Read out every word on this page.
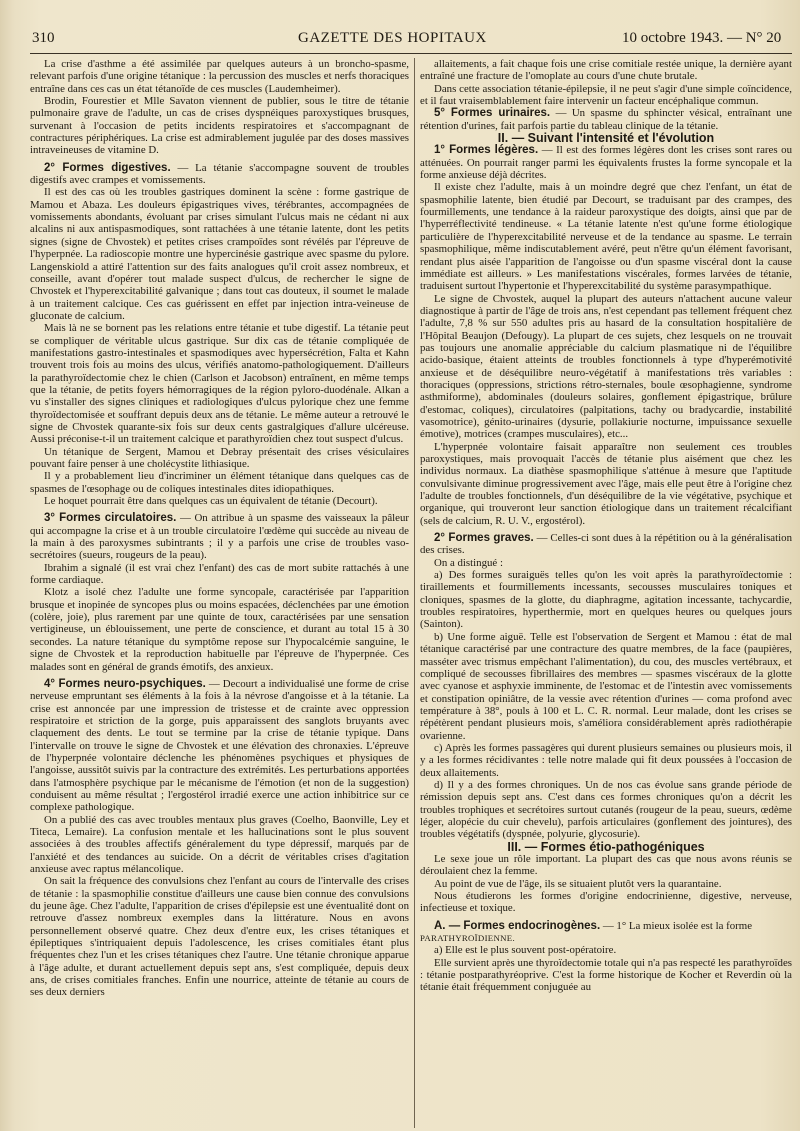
310	GAZETTE DES HOPITAUX	10 octobre 1943. — N° 20

La crise d'asthme a été assimilée par quelques auteurs à un broncho-spasme, relevant parfois d'une origine tétanique : la percussion des muscles et nerfs thoraciques entraîne dans ces cas un état tétanoïde de ces muscles (Laudemheimer).

Brodin, Fourestier et Mlle Savaton viennent de publier, sous le titre de tétanie pulmonaire grave de l'adulte, un cas de crises dyspnéiques paroxystiques brusques, survenant à l'occasion de petits incidents respiratoires et s'accompagnant de contractures périphériques. La crise est admirablement jugulée par des doses massives intraveineuses de vitamine D.

2° Formes digestives. — La tétanie s'accompagne souvent de troubles digestifs avec crampes et vomissements.

Il est des cas où les troubles gastriques dominent la scène : forme gastrique de Mamou et Abaza. Les douleurs épigastriques vives, térébrantes, accompagnées de vomissements abondants, évoluant par crises simulant l'ulcus mais ne cédant ni aux alcalins ni aux antispasmodiques, sont rattachées à une tétanie latente, dont les petits signes (signe de Chvostek) et petites crises crampoïdes sont révélés par l'épreuve de l'hyperpnée. La radioscopie montre une hypercinésie gastrique avec spasme du pylore. Langenskiold a attiré l'attention sur des faits analogues qu'il croit assez nombreux, et conseille, avant d'opérer tout malade suspect d'ulcus, de rechercher le signe de Chvostek et l'hyperexcitabilité galvanique ; dans tout cas douteux, il soumet le malade à un traitement calcique. Ces cas guérissent en effet par injection intra-veineuse de gluconate de calcium.

Mais là ne se bornent pas les relations entre tétanie et tube digestif. La tétanie peut se compliquer de véritable ulcus gastrique. Sur dix cas de tétanie compliquée de manifestations gastro-intestinales et spasmodiques avec hypersécrétion, Falta et Kahn trouvent trois fois au moins des ulcus, vérifiés anatomo-pathologiquement. D'ailleurs la parathyroïdectomie chez le chien (Carlson et Jacobson) entraînent, en même temps que la tétanie, de petits foyers hémorragiques de la région pyloro-duodénale. Alkan a vu s'installer des signes cliniques et radiologiques d'ulcus pylorique chez une femme thyroïdectomisée et souffrant depuis deux ans de tétanie. Le même auteur a retrouvé le signe de Chvostek quarante-six fois sur deux cents gastralgiques d'allure ulcéreuse. Aussi préconise-t-il un traitement calcique et parathyroïdien chez tout suspect d'ulcus.

Un tétanique de Sergent, Mamou et Debray présentait des crises vésiculaires pouvant faire penser à une cholécystite lithiasique.

Il y a probablement lieu d'incriminer un élément tétanique dans quelques cas de spasmes de l'œsophage ou de coliques intestinales dites idiopathiques.

Le hoquet pourrait être dans quelques cas un équivalent de tétanie (Decourt).

3° Formes circulatoires. — On attribue à un spasme des vaisseaux la pâleur qui accompagne la crise et à un trouble circulatoire l'œdème qui succède au niveau de la main à des paroxysmes subintrants ; il y a parfois une crise de troubles vaso-secrétoires (sueurs, rougeurs de la peau).

Ibrahim a signalé (il est vrai chez l'enfant) des cas de mort subite rattachés à une forme cardiaque.

Klotz a isolé chez l'adulte une forme syncopale, caractérisée par l'apparition brusque et inopinée de syncopes plus ou moins espacées, déclenchées par une émotion (colère, joie), plus rarement par une quinte de toux, caractérisées par une sensation vertigineuse, un éblouissement, une perte de conscience, et durant au total 15 à 30 secondes. La nature tétanique du symptôme repose sur l'hypocalcémie sanguine, le signe de Chvostek et la reproduction habituelle par l'épreuve de l'hyperpnée. Ces malades sont en général de grands émotifs, des anxieux.

4° Formes neuro-psychiques. — Decourt a individualisé une forme de crise nerveuse empruntant ses éléments à la fois à la névrose d'angoisse et à la tétanie. La crise est annoncée par une impression de tristesse et de crainte avec oppression respiratoire et striction de la gorge, puis apparaissent des sanglots bruyants avec claquement des dents. Le tout se termine par la crise de tétanie typique. Dans l'intervalle on trouve le signe de Chvostek et une élévation des chronaxies. L'épreuve de l'hyperpnée volontaire déclenche les phénomènes psychiques et physiques de l'angoisse, aussitôt suivis par la contracture des extrémités. Les perturbations apportées dans l'atmosphère psychique par le mécanisme de l'émotion (et non de la suggestion) conduisent au même résultat ; l'ergostérol irradié exerce une action inhibitrice sur ce complexe pathologique.

On a publié des cas avec troubles mentaux plus graves (Coelho, Baonville, Ley et Titeca, Lemaire). La confusion mentale et les hallucinations sont le plus souvent associées à des troubles affectifs généralement du type dépressif, marqués par de l'anxiété et des tendances au suicide. On a décrit de véritables crises d'agitation anxieuse avec raptus mélancolique.

On sait la fréquence des convulsions chez l'enfant au cours de l'intervalle des crises de tétanie : la spasmophilie constitue d'ailleurs une cause bien connue des convulsions du jeune âge. Chez l'adulte, l'apparition de crises d'épilepsie est une éventualité dont on retrouve d'assez nombreux exemples dans la littérature. Nous en avons personnellement observé quatre. Chez deux d'entre eux, les crises tétaniques et épileptiques s'intriquaient depuis l'adolescence, les crises comitiales étant plus fréquentes chez l'un et les crises tétaniques chez l'autre. Une tétanie chronique apparue à l'âge adulte, et durant actuellement depuis sept ans, s'est compliquée, depuis deux ans, de crises comitiales franches. Enfin une nourrice, atteinte de tétanie au cours de ses deux derniers

allaitements, a fait chaque fois une crise comitiale restée unique, la dernière ayant entraîné une fracture de l'omoplate au cours d'une chute brutale.

Dans cette association tétanie-épilepsie, il ne peut s'agir d'une simple coïncidence, et il faut vraisemblablement faire intervenir un facteur encéphalique commun.

5° Formes urinaires. — Un spasme du sphincter vésical, entraînant une rétention d'urines, fait parfois partie du tableau clinique de la tétanie.

II. — Suivant l'intensité et l'évolution

1° Formes légères. — Il est des formes légères dont les crises sont rares ou atténuées. On pourrait ranger parmi les équivalents frustes la forme syncopale et la forme anxieuse déjà décrites.

Il existe chez l'adulte, mais à un moindre degré que chez l'enfant, un état de spasmophilie latente, bien étudié par Decourt, se traduisant par des crampes, des fourmillements, une tendance à la raideur paroxystique des doigts, ainsi que par de l'hyperréflectivité tendineuse. « La tétanie latente n'est qu'une forme étiologique particulière de l'hyperexcitabilité nerveuse et de la tendance au spasme. Le terrain spasmophilique, même indiscutablement avéré, peut n'être qu'un élément favorisant, rendant plus aisée l'apparition de l'angoisse ou d'un spasme viscéral dont la cause immédiate est ailleurs. » Les manifestations viscérales, formes larvées de tétanie, traduisent surtout l'hypertonie et l'hyperexcitabilité du système parasympathique.

Le signe de Chvostek, auquel la plupart des auteurs n'attachent aucune valeur diagnostique à partir de l'âge de trois ans, n'est cependant pas tellement fréquent chez l'adulte, 7,8 % sur 550 adultes pris au hasard de la consultation hospitalière de l'Hôpital Beaujon (Defougy). La plupart de ces sujets, chez lesquels on ne trouvait pas toujours une anomalie appréciable du calcium plasmatique ni de l'équilibre acido-basique, étaient atteints de troubles fonctionnels à type d'hyperémotivité anxieuse et de déséquilibre neuro-végétatif à manifestations très variables : thoraciques (oppressions, strictions rétro-sternales, boule œsophagienne, syndrome asthmiforme), abdominales (douleurs solaires, gonflement épigastrique, brûlure d'estomac, coliques), circulatoires (palpitations, tachy ou bradycardie, instabilité vasomotrice), génito-urinaires (dysurie, pollakiurie nocturne, impuissance sexuelle émotive), motrices (crampes musculaires), etc...

L'hyperpnée volontaire faisait apparaître non seulement ces troubles paroxystiques, mais provoquait l'accès de tétanie plus aisément que chez les individus normaux. La diathèse spasmophilique s'atténue à mesure que l'aptitude convulsivante diminue progressivement avec l'âge, mais elle peut être à l'origine chez l'adulte de troubles fonctionnels, d'un déséquilibre de la vie végétative, psychique et organique, qui trouveront leur sanction étiologique dans un traitement récalcifiant (sels de calcium, R. U. V., ergostérol).

2° Formes graves. — Celles-ci sont dues à la répétition ou à la généralisation des crises.

On a distingué :

a) Des formes suraiguës telles qu'on les voit après la parathyroïdectomie : tiraillements et fourmillements incessants, secousses musculaires toniques et cloniques, spasmes de la glotte, du diaphragme, agitation incessante, tachycardie, troubles respiratoires, hyperthermie, mort en quelques heures ou quelques jours (Sainton).

b) Une forme aiguë. Telle est l'observation de Sergent et Mamou : état de mal tétanique caractérisé par une contracture des quatre membres, de la face (paupières, masséter avec trismus empêchant l'alimentation), du cou, des muscles vertébraux, et compliqué de secousses fibrillaires des membres — spasmes viscéraux de la glotte avec cyanose et asphyxie imminente, de l'estomac et de l'intestin avec vomissements et constipation opiniâtre, de la vessie avec rétention d'urines — coma profond avec température à 38°, pouls à 100 et L. C. R. normal. Leur malade, dont les crises se répétèrent pendant plusieurs mois, s'améliora considérablement après radiothérapie ovarienne.

c) Après les formes passagères qui durent plusieurs semaines ou plusieurs mois, il y a les formes récidivantes : telle notre malade qui fit deux poussées à l'occasion de deux allaitements.

d) Il y a des formes chroniques. Un de nos cas évolue sans grande période de rémission depuis sept ans. C'est dans ces formes chroniques qu'on a décrit les troubles trophiques et secrétoires surtout cutanés (rougeur de la peau, sueurs, œdème léger, alopécie du cuir chevelu), parfois articulaires (gonflement des jointures), des troubles végétatifs (dyspnée, polyurie, glycosurie).

III. — Formes étio-pathogéniques

Le sexe joue un rôle important. La plupart des cas que nous avons réunis se déroulaient chez la femme.

Au point de vue de l'âge, ils se situaient plutôt vers la quarantaine.

Nous étudierons les formes d'origine endocrinienne, digestive, nerveuse, infectieuse et toxique.

A. — Formes endocrinogènes. — 1° La mieux isolée est la forme

PARATHYROÏDIENNE.

a) Elle est le plus souvent post-opératoire.

Elle survient après une thyroïdectomie totale qui n'a pas respecté les parathyroïdes : tétanie postparathyréoprive. C'est la forme historique de Kocher et Reverdin où la tétanie était fréquemment conjuguée au
